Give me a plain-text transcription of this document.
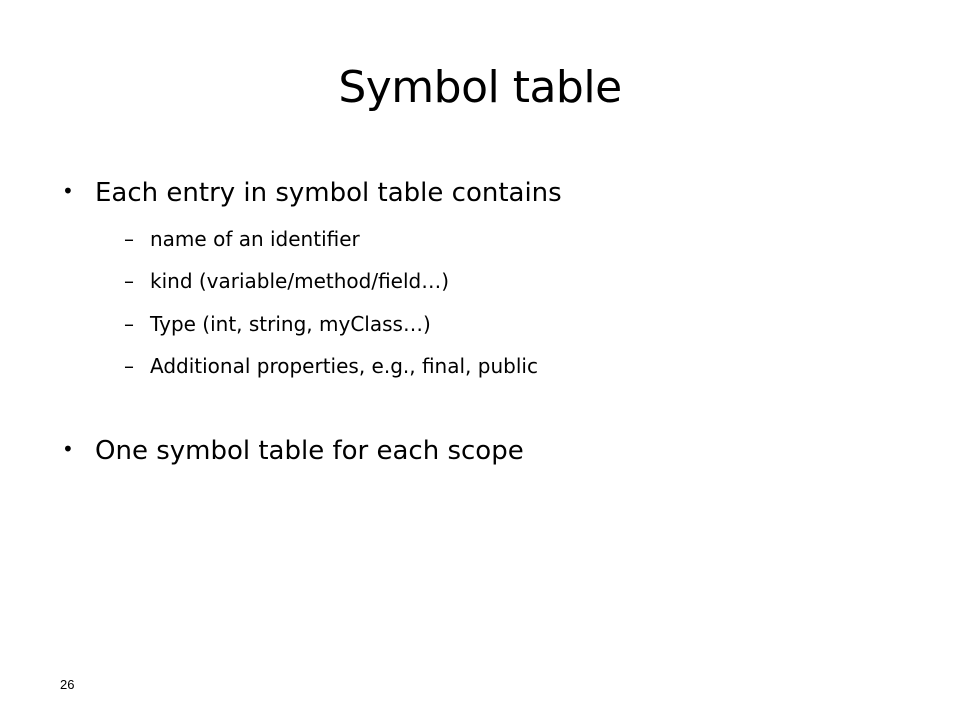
Symbol table
• Each entry in symbol table contains
– name of an identifier
– kind (variable/method/field…)
– Type (int, string, myClass…)
– Additional properties, e.g., final, public
• One symbol table for each scope
26
